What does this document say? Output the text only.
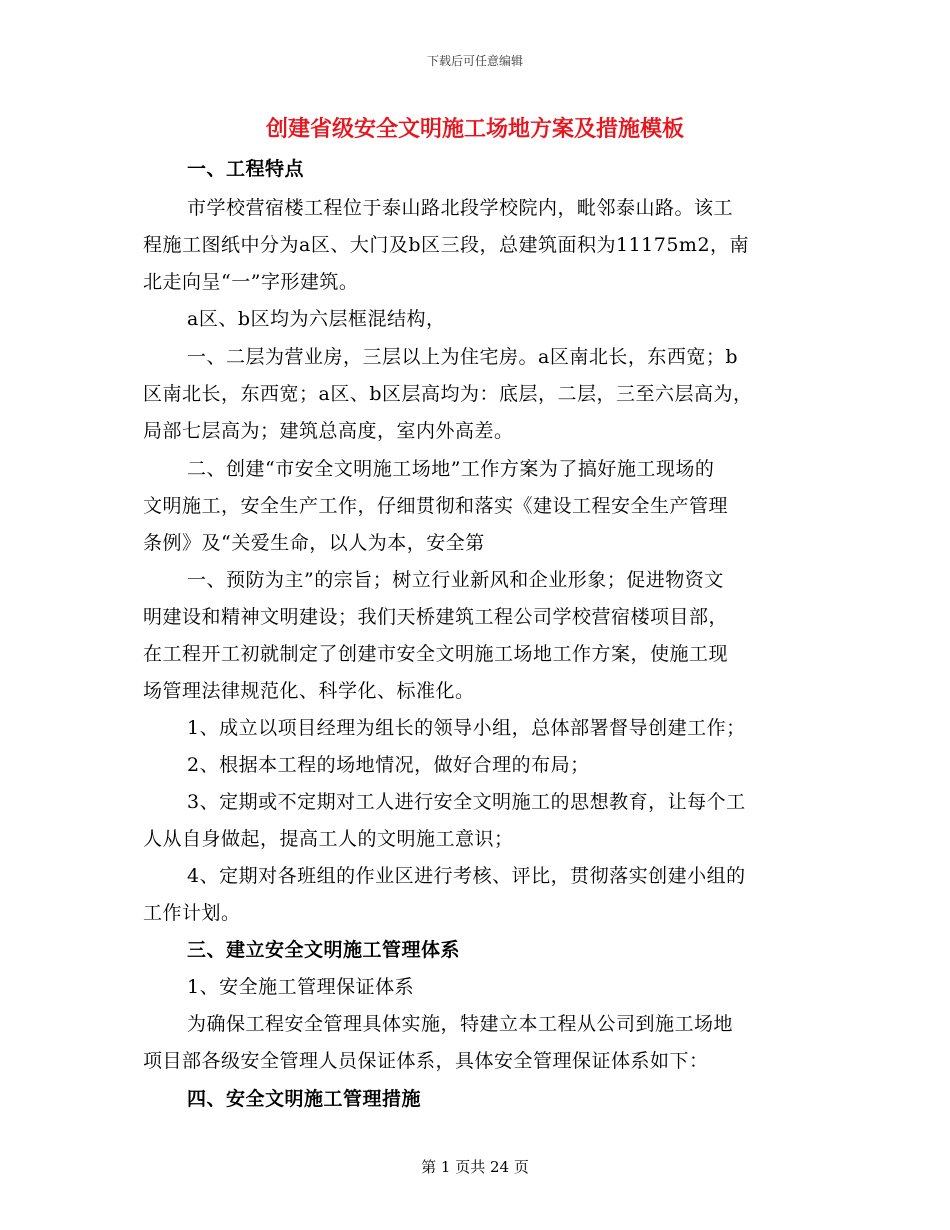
下载后可任意编辑
创建省级安全文明施工场地方案及措施模板
一、工程特点
市学校营宿楼工程位于泰山路北段学校院内，毗邻泰山路。该工
程施工图纸中分为a区、大门及b区三段，总建筑面积为11175m2，南
北走向呈“一”字形建筑。
a区、b区均为六层框混结构，
一、二层为营业房，三层以上为住宅房。a区南北长，东西宽；b
区南北长，东西宽；a区、b区层高均为：底层，二层，三至六层高为，
局部七层高为；建筑总高度，室内外高差。
二、创建“市安全文明施工场地”工作方案为了搞好施工现场的
文明施工，安全生产工作，仔细贯彻和落实《建设工程安全生产管理
条例》及“关爱生命，以人为本，安全第
一、预防为主”的宗旨；树立行业新风和企业形象；促进物资文
明建设和精神文明建设；我们天桥建筑工程公司学校营宿楼项目部，
在工程开工初就制定了创建市安全文明施工场地工作方案，使施工现
场管理法律规范化、科学化、标准化。
1、成立以项目经理为组长的领导小组，总体部署督导创建工作；
2、根据本工程的场地情况，做好合理的布局；
3、定期或不定期对工人进行安全文明施工的思想教育，让每个工
人从自身做起，提高工人的文明施工意识；
4、定期对各班组的作业区进行考核、评比，贯彻落实创建小组的
工作计划。
三、建立安全文明施工管理体系
1、安全施工管理保证体系
为确保工程安全管理具体实施，特建立本工程从公司到施工场地
项目部各级安全管理人员保证体系，具体安全管理保证体系如下：
四、安全文明施工管理措施
第 1 页共 24 页
